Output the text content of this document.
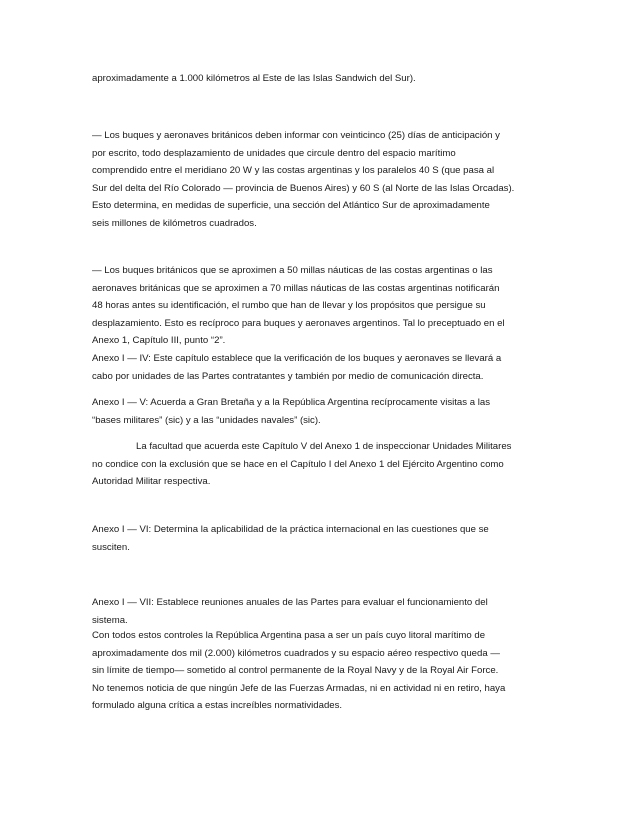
aproximadamente a 1.000 kilómetros al Este de las Islas Sandwich del Sur).

— Los buques y aeronaves británicos deben informar con veinticinco (25) días de anticipación y
por escrito, todo desplazamiento de unidades que circule dentro del espacio marítimo
comprendido entre el meridiano 20 W y las costas argentinas y los paralelos 40 S (que pasa al
Sur del delta del Río Colorado — provincia de Buenos Aires) y 60 S (al Norte de las Islas Orcadas).
Esto determina, en medidas de superficie, una sección del Atlántico Sur de aproximadamente
seis millones de kilómetros cuadrados.

— Los buques británicos que se aproximen a 50 millas náuticas de las costas argentinas o las
aeronaves británicas que se aproximen a 70 millas náuticas de las costas argentinas notificarán
48 horas antes su identificación, el rumbo que han de llevar y los propósitos que persigue su
desplazamiento. Esto es recíproco para buques y aeronaves argentinos. Tal lo preceptuado en el
Anexo 1, Capítulo III, punto “2”.

Anexo I — IV: Este capítulo establece que la verificación de los buques y aeronaves se llevará a
cabo por unidades de las Partes contratantes y también por medio de comunicación directa.

Anexo I — V: Acuerda a Gran Bretaña y a la República Argentina recíprocamente visitas a las
“bases militares” (sic) y a las “unidades navales” (sic).

La facultad que acuerda este Capítulo V del Anexo 1 de inspeccionar Unidades Militares
no condice con la exclusión que se hace en el Capítulo I del Anexo 1 del Ejército Argentino como
Autoridad Militar respectiva.

Anexo I — VI: Determina la aplicabilidad de la práctica internacional en las cuestiones que se
susciten.

Anexo I — VII: Establece reuniones anuales de las Partes para evaluar el funcionamiento del
sistema.

Con todos estos controles la República Argentina pasa a ser un país cuyo litoral marítimo de
aproximadamente dos mil (2.000) kilómetros cuadrados y su espacio aéreo respectivo queda —
sin límite de tiempo— sometido al control permanente de la Royal Navy y de la Royal Air Force.
No tenemos noticia de que ningún Jefe de las Fuerzas Armadas, ni en actividad ni en retiro, haya
formulado alguna crítica a estas increíbles normatividades.
